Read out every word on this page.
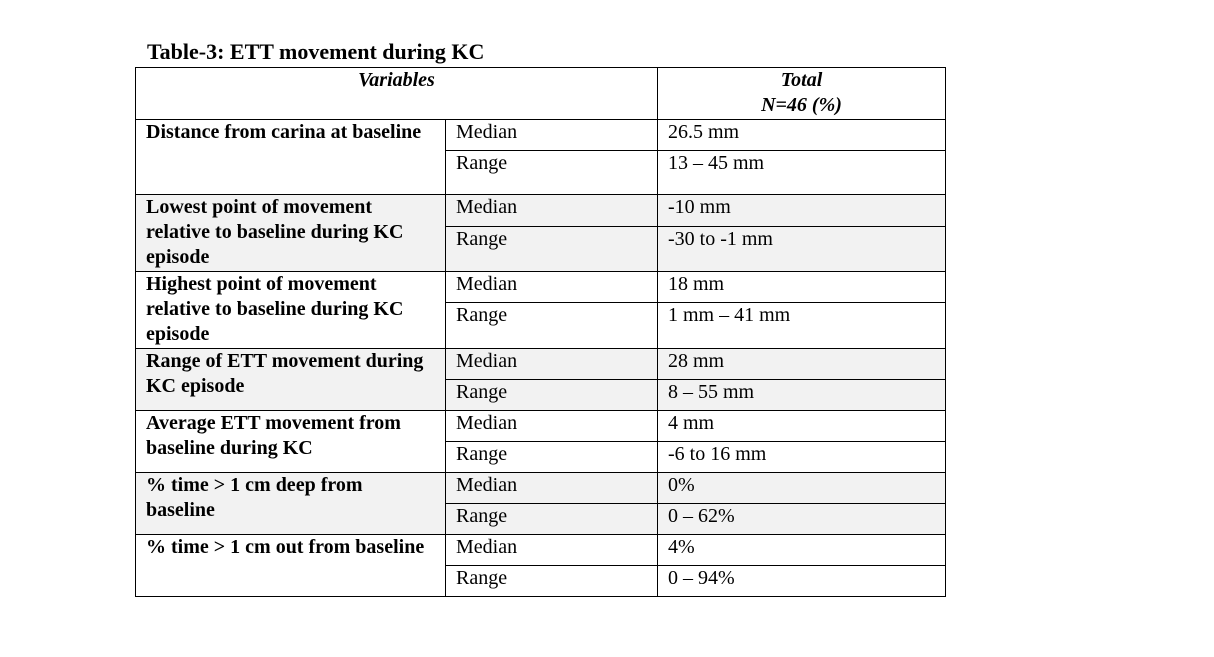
Table-3: ETT movement during KC
Variables		Total
N=46 (%)
Distance from carina at baseline	Median	26.5 mm
	Range	13 – 45 mm
Lowest point of movement relative to baseline during KC episode	Median	-10 mm
	Range	-30 to -1 mm
Highest point of movement relative to baseline during KC episode	Median	18 mm
	Range	1 mm – 41 mm
Range of ETT movement during KC episode	Median	28 mm
	Range	8 – 55 mm
Average ETT movement from baseline during KC	Median	4 mm
	Range	-6 to 16 mm
% time > 1 cm deep from baseline	Median	0%
	Range	0 – 62%
% time > 1 cm out from baseline	Median	4%
	Range	0 – 94%
